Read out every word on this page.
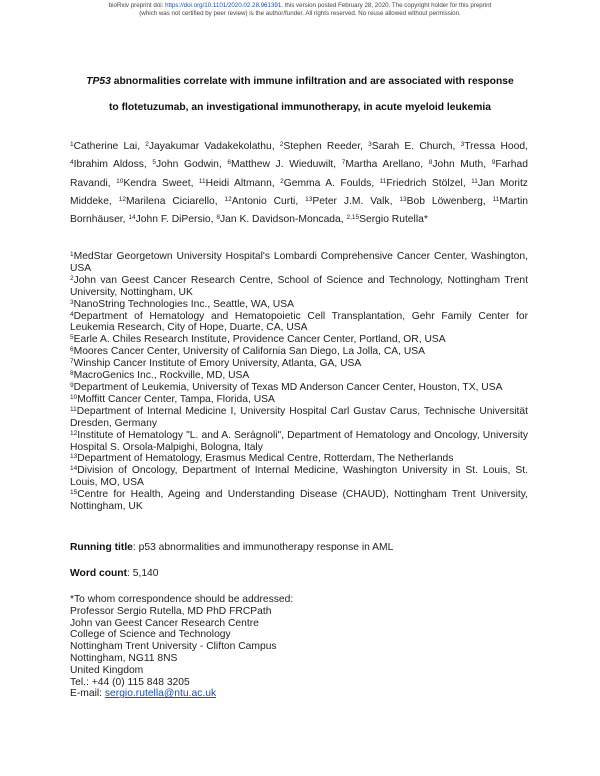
bioRxiv preprint doi: https://doi.org/10.1101/2020.02.28.961391. this version posted February 28, 2020. The copyright holder for this preprint
(which was not certified by peer review) is the author/funder. All rights reserved. No reuse allowed without permission.
TP53 abnormalities correlate with immune infiltration and are associated with response
to flotetuzumab, an investigational immunotherapy, in acute myeloid leukemia
$^1$Catherine Lai, $^2$Jayakumar Vadakekolathu, $^2$Stephen Reeder, $^3$Sarah E. Church, $^3$Tressa Hood, $^4$Ibrahim Aldoss, $^5$John Godwin, $^6$Matthew J. Wieduwilt, $^7$Martha Arellano, $^8$John Muth, $^9$Farhad Ravandi, $^{10}$Kendra Sweet, $^{11}$Heidi Altmann, $^2$Gemma A. Foulds, $^{11}$Friedrich Stölzel, $^{11}$Jan Moritz Middeke, $^{12}$Marilena Ciciarello, $^{12}$Antonio Curti, $^{13}$Peter J.M. Valk, $^{13}$Bob Löwenberg, $^{11}$Martin Bornhäuser, $^{14}$John F. DiPersio, $^8$Jan K. Davidson-Moncada, $^{2,15}$Sergio Rutella*
$^1$MedStar Georgetown University Hospital's Lombardi Comprehensive Cancer Center, Washington, USA
$^2$John van Geest Cancer Research Centre, School of Science and Technology, Nottingham Trent University, Nottingham, UK
$^3$NanoString Technologies Inc., Seattle, WA, USA
$^4$Department of Hematology and Hematopoietic Cell Transplantation, Gehr Family Center for Leukemia Research, City of Hope, Duarte, CA, USA
$^5$Earle A. Chiles Research Institute, Providence Cancer Center, Portland, OR, USA
$^6$Moores Cancer Center, University of California San Diego, La Jolla, CA, USA
$^7$Winship Cancer Institute of Emory University, Atlanta, GA, USA
$^8$MacroGenics Inc., Rockville, MD, USA
$^9$Department of Leukemia, University of Texas MD Anderson Cancer Center, Houston, TX, USA
$^{10}$Moffitt Cancer Center, Tampa, Florida, USA
$^{11}$Department of Internal Medicine I, University Hospital Carl Gustav Carus, Technische Universität Dresden, Germany
$^{12}$Institute of Hematology "L. and A. Serágnoli", Department of Hematology and Oncology, University Hospital S. Orsola-Malpighi, Bologna, Italy
$^{13}$Department of Hematology, Erasmus Medical Centre, Rotterdam, The Netherlands
$^{14}$Division of Oncology, Department of Internal Medicine, Washington University in St. Louis, St. Louis, MO, USA
$^{15}$Centre for Health, Ageing and Understanding Disease (CHAUD), Nottingham Trent University, Nottingham, UK
Running title: p53 abnormalities and immunotherapy response in AML
Word count: 5,140
*To whom correspondence should be addressed:
Professor Sergio Rutella, MD PhD FRCPath
John van Geest Cancer Research Centre
College of Science and Technology
Nottingham Trent University - Clifton Campus
Nottingham, NG11 8NS
United Kingdom
Tel.: +44 (0) 115 848 3205
E-mail: sergio.rutella@ntu.ac.uk
